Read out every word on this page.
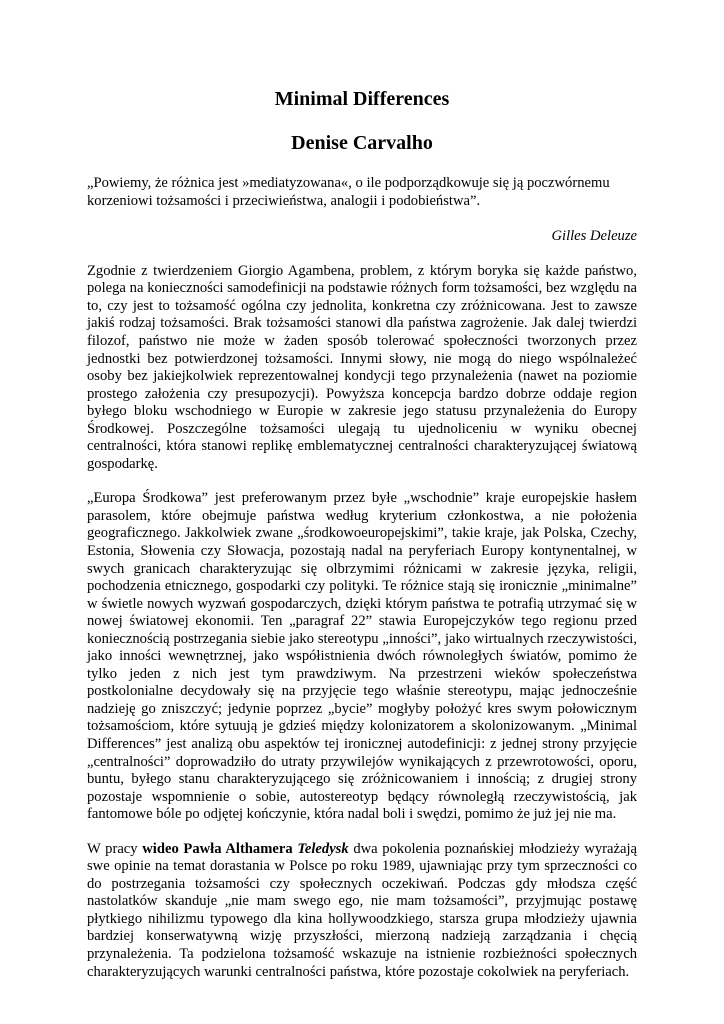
Minimal Differences
Denise Carvalho

„Powiemy, że różnica jest »mediatyzowana«, o ile podporządkowuje się ją poczwórnemu korzeniowi tożsamości i przeciwieństwa, analogii i podobieństwa”.

Gilles Deleuze

Zgodnie z twierdzeniem Giorgio Agambena, problem, z którym boryka się każde państwo, polega na konieczności samodefinicji na podstawie różnych form tożsamości, bez względu na to, czy jest to tożsamość ogólna czy jednolita, konkretna czy zróżnicowana. Jest to zawsze jakiś rodzaj tożsamości. Brak tożsamości stanowi dla państwa zagrożenie. Jak dalej twierdzi filozof, państwo nie może w żaden sposób tolerować społeczności tworzonych przez jednostki bez potwierdzonej tożsamości. Innymi słowy, nie mogą do niego wspólnależeć osoby bez jakiejkolwiek reprezentowalnej kondycji tego przynależenia (nawet na poziomie prostego założenia czy presupozycji). Powyższa koncepcja bardzo dobrze oddaje region byłego bloku wschodniego w Europie w zakresie jego statusu przynależenia do Europy Środkowej. Poszczególne tożsamości ulegają tu ujednoliceniu w wyniku obecnej centralności, która stanowi replikę emblematycznej centralności charakteryzującej światową gospodarkę.

„Europa Środkowa” jest preferowanym przez byłe „wschodnie” kraje europejskie hasłem parasolem, które obejmuje państwa według kryterium członkostwa, a nie położenia geograficznego. Jakkolwiek zwane „środkowoeuropejskimi”, takie kraje, jak Polska, Czechy, Estonia, Słowenia czy Słowacja, pozostają nadal na peryferiach Europy kontynentalnej, w swych granicach charakteryzując się olbrzymimi różnicami w zakresie języka, religii, pochodzenia etnicznego, gospodarki czy polityki. Te różnice stają się ironicznie „minimalne” w świetle nowych wyzwań gospodarczych, dzięki którym państwa te potrafią utrzymać się w nowej światowej ekonomii. Ten „paragraf 22” stawia Europejczyków tego regionu przed koniecznością postrzegania siebie jako stereotypu „inności”, jako wirtualnych rzeczywistości, jako inności wewnętrznej, jako współistnienia dwóch równoległych światów, pomimo że tylko jeden z nich jest tym prawdziwym. Na przestrzeni wieków społeczeństwa postkolonialne decydowały się na przyjęcie tego właśnie stereotypu, mając jednocześnie nadzieję go zniszczyć; jedynie poprzez „bycie” mogłyby położyć kres swym połowicznym tożsamościom, które sytuują je gdzieś między kolonizatorem a skolonizowanym. „Minimal Differences” jest analizą obu aspektów tej ironicznej autodefinicji: z jednej strony przyjęcie „centralności” doprowadziło do utraty przywilejów wynikających z przewrotowości, oporu, buntu, byłego stanu charakteryzującego się zróżnicowaniem i innością; z drugiej strony pozostaje wspomnienie o sobie, autostereotyp będący równoległą rzeczywistością, jak fantomowe bóle po odjętej kończynie, która nadal boli i swędzi, pomimo że już jej nie ma.

W pracy wideo Pawła Althamera Teledysk dwa pokolenia poznańskiej młodzieży wyrażają swe opinie na temat dorastania w Polsce po roku 1989, ujawniając przy tym sprzeczności co do postrzegania tożsamości czy społecznych oczekiwań. Podczas gdy młodsza część nastolatków skanduje „nie mam swego ego, nie mam tożsamości”, przyjmując postawę płytkiego nihilizmu typowego dla kina hollywoodzkiego, starsza grupa młodzieży ujawnia bardziej konserwatywną wizję przyszłości, mierzoną nadzieją zarządzania i chęcią przynależenia. Ta podzielona tożsamość wskazuje na istnienie rozbieżności społecznych charakteryzujących warunki centralności państwa, które pozostaje cokolwiek na peryferiach.
